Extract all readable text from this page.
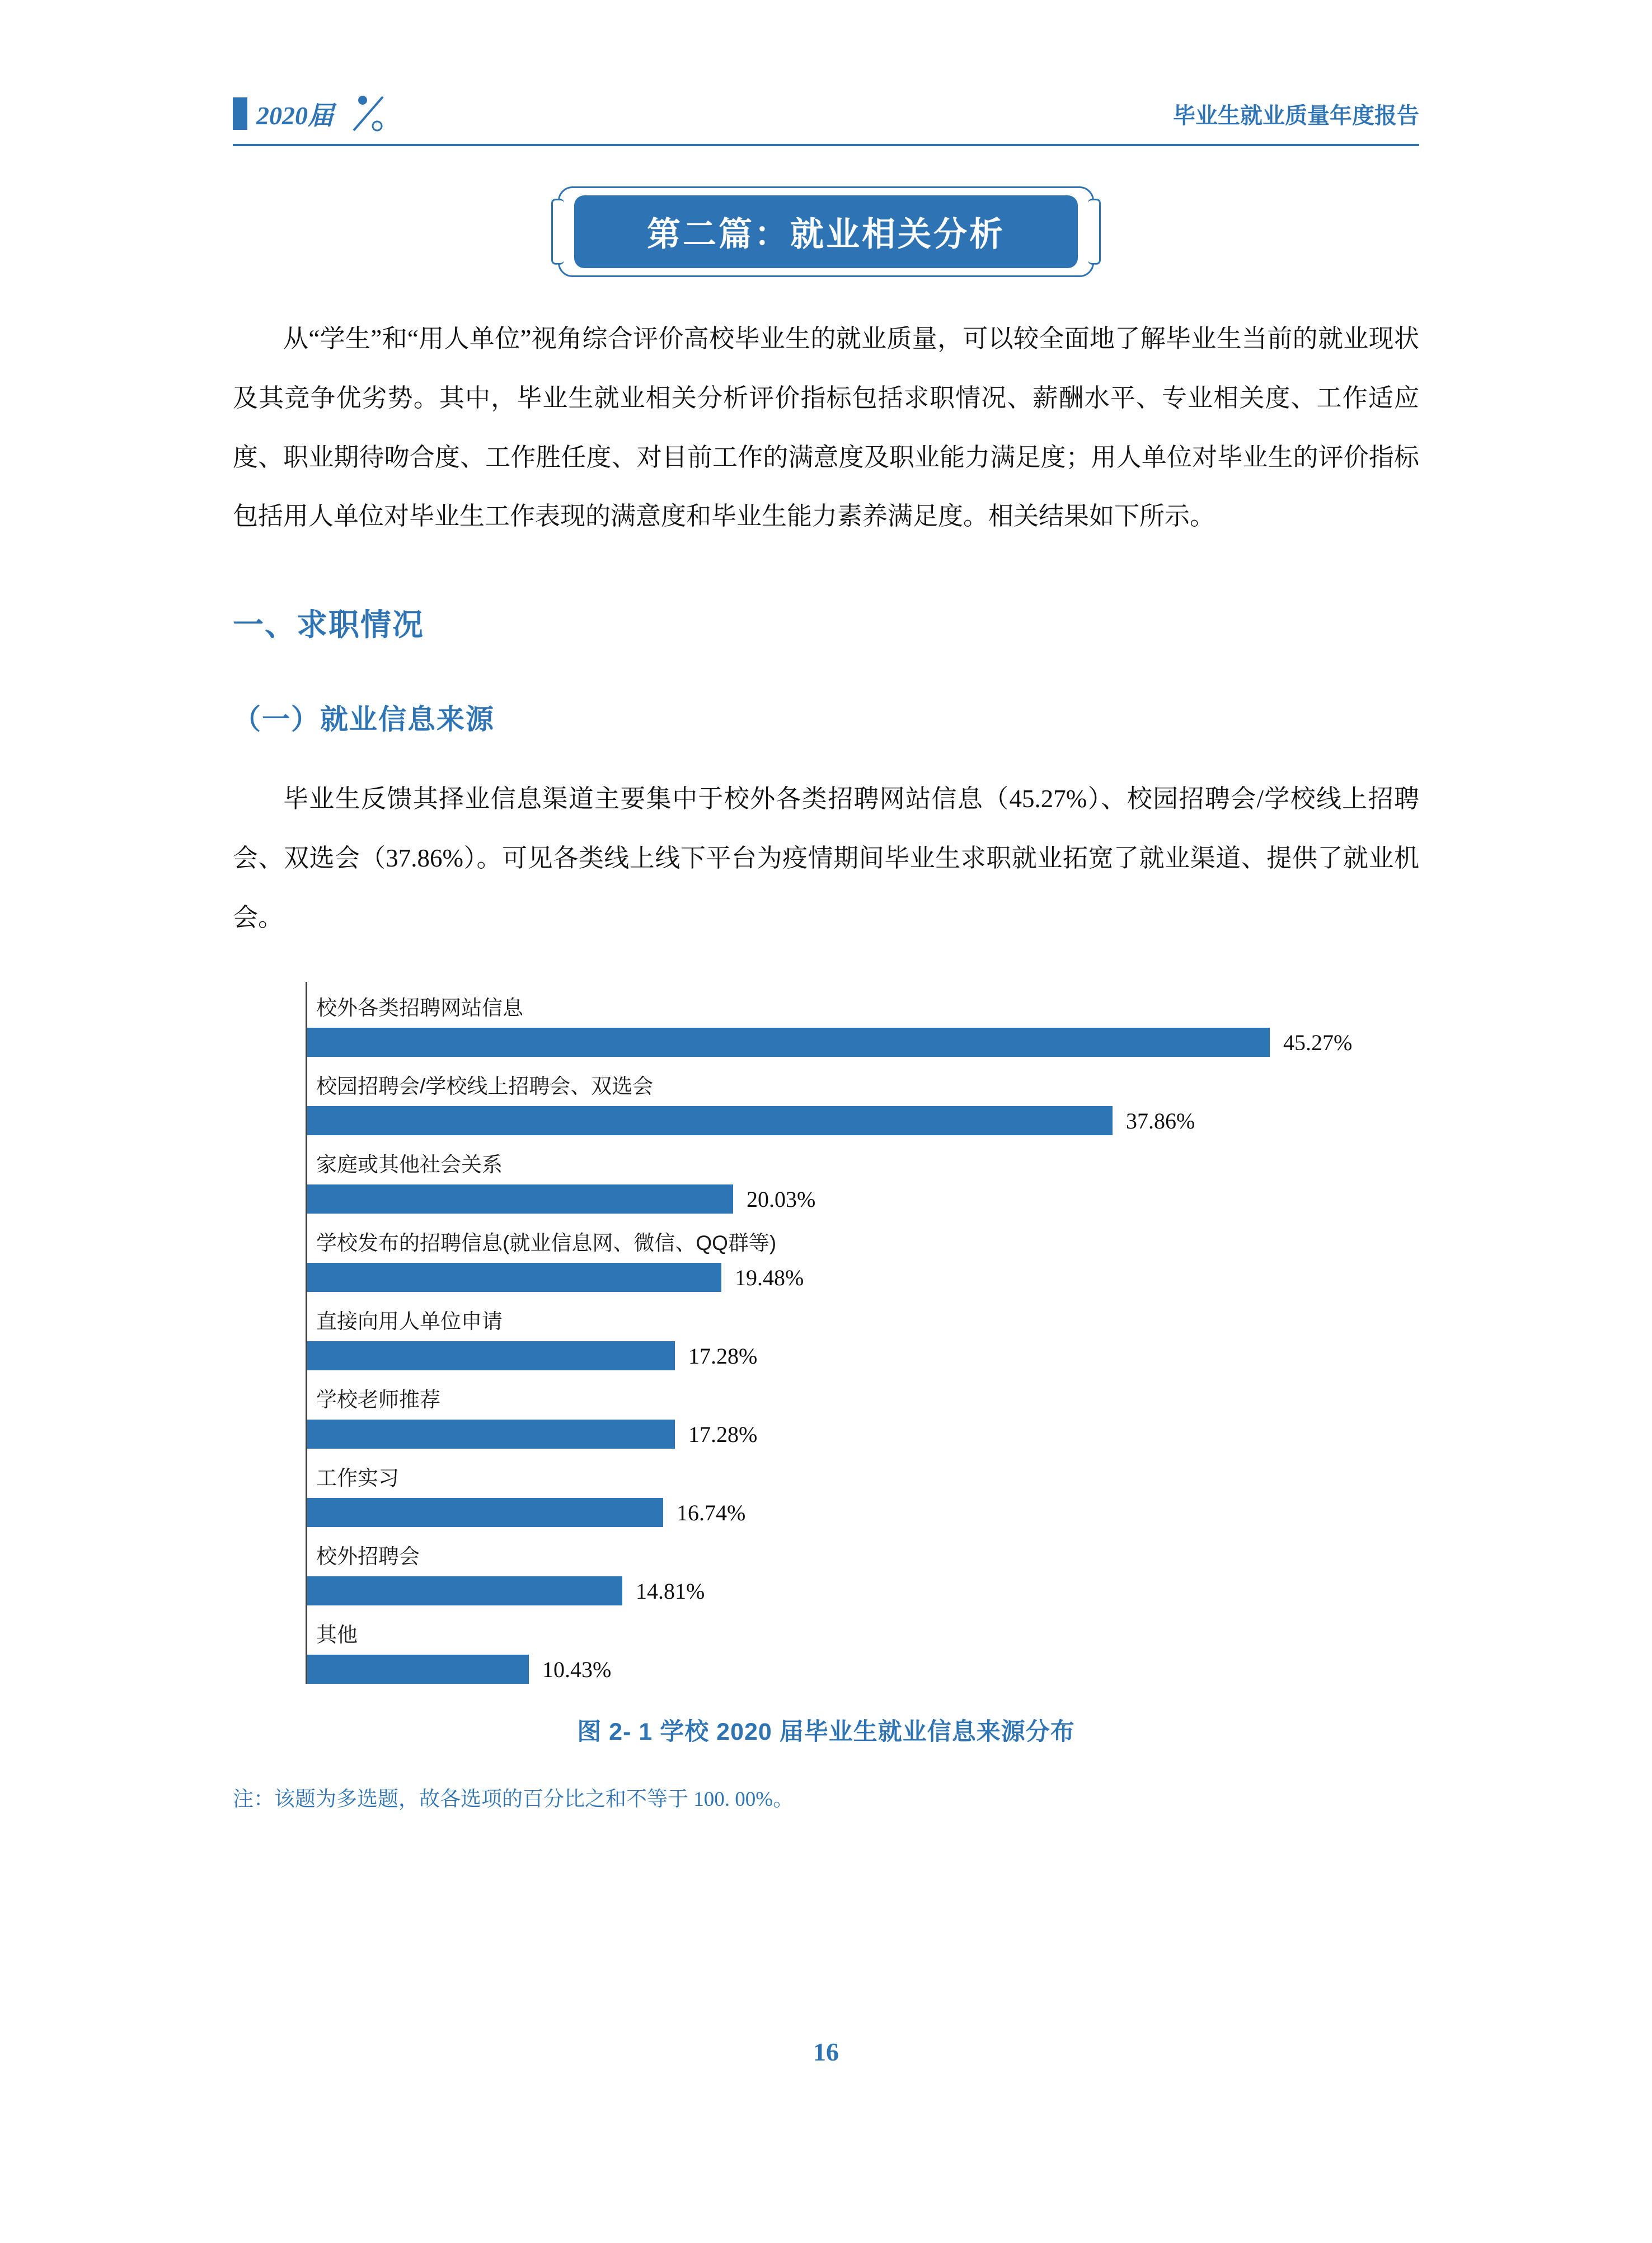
2020届	毕业生就业质量年度报告
第二篇：就业相关分析

从“学生”和“用人单位”视角综合评价高校毕业生的就业质量，可以较全面地了解毕业生当前的就业现状及其竞争优劣势。其中，毕业生就业相关分析评价指标包括求职情况、薪酬水平、专业相关度、工作适应度、职业期待吻合度、工作胜任度、对目前工作的满意度及职业能力满足度；用人单位对毕业生的评价指标包括用人单位对毕业生工作表现的满意度和毕业生能力素养满足度。相关结果如下所示。

一、求职情况
（一）就业信息来源

毕业生反馈其择业信息渠道主要集中于校外各类招聘网站信息（45.27%）、校园招聘会/学校线上招聘会、双选会（37.86%）。可见各类线上线下平台为疫情期间毕业生求职就业拓宽了就业渠道、提供了就业机会。

校外各类招聘网站信息
45.27%
校园招聘会/学校线上招聘会、双选会
37.86%
家庭或其他社会关系
20.03%
学校发布的招聘信息(就业信息网、微信、QQ群等)
19.48%
直接向用人单位申请
17.28%
学校老师推荐
17.28%
工作实习
16.74%
校外招聘会
14.81%
其他
10.43%
图 2- 1 学校 2020 届毕业生就业信息来源分布
注：该题为多选题，故各选项的百分比之和不等于 100. 00%。
16
